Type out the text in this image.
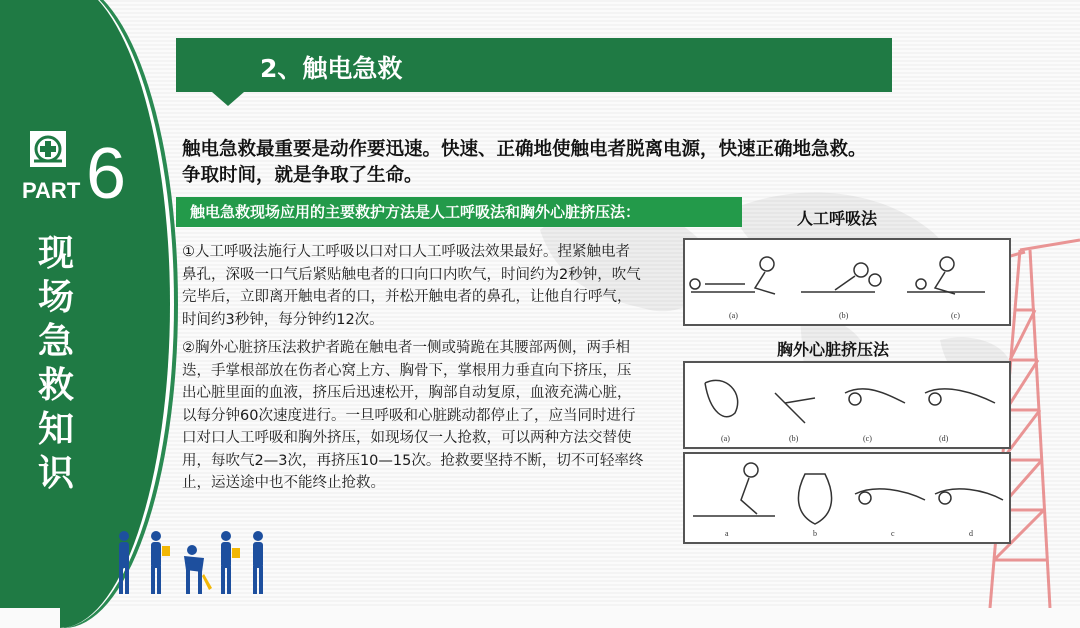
PART 6
现
场
急
救
知
识
2、触电急救
触电急救最重要是动作要迅速。快速、正确地使触电者脱离电源，快速正确地急救。
争取时间，就是争取了生命。
触电急救现场应用的主要救护方法是人工呼吸法和胸外心脏挤压法：
①人工呼吸法施行人工呼吸以口对口人工呼吸法效果最好。捏紧触电者鼻孔，深吸一口气后紧贴触电者的口向口内吹气，时间约为2秒钟，吹气完毕后，立即离开触电者的口，并松开触电者的鼻孔，让他自行呼气，时间约3秒钟，每分钟约12次。
②胸外心脏挤压法救护者跪在触电者一侧或骑跪在其腰部两侧，两手相迭，手掌根部放在伤者心窝上方、胸骨下，掌根用力垂直向下挤压，压出心脏里面的血液，挤压后迅速松开，胸部自动复原，血液充满心脏，以每分钟60次速度进行。一旦呼吸和心脏跳动都停止了，应当同时进行口对口人工呼吸和胸外挤压，如现场仅一人抢救，可以两种方法交替使用，每吹气2—3次，再挤压10—15次。抢救要坚持不断，切不可轻率终止，运送途中也不能终止抢救。
人工呼吸法
胸外心脏挤压法
(a)	(b)	(c)
(a)	(b)	(c)	(d)
a	b	c	d
